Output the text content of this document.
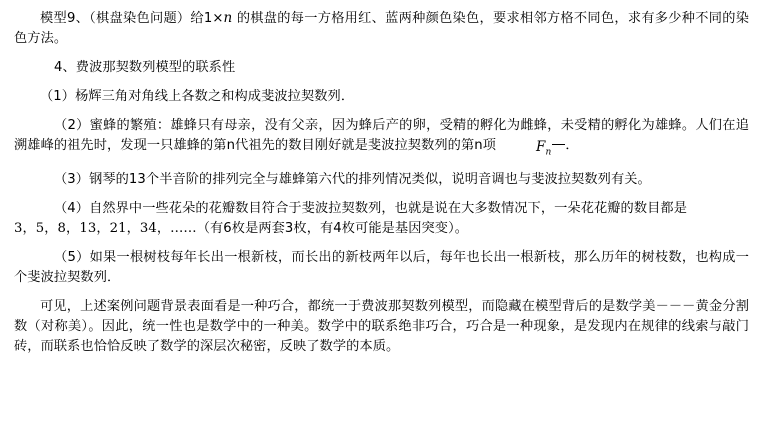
模型9、（棋盘染色问题）给1×n 的棋盘的每一方格用红、蓝两种颜色染色，要求相邻方格不同色，求有多少种不同的染色方法。

4、费波那契数列模型的联系性

（1）杨辉三角对角线上各数之和构成斐波拉契数列．

（2）蜜蜂的繁殖：雄蜂只有母亲，没有父亲，因为蜂后产的卵，受精的孵化为雌蜂，未受精的孵化为雄蜂。人们在追溯雄峰的祖先时，发现一只雄蜂的第n代祖先的数目刚好就是斐波拉契数列的第n项	$F_n$ ．

（3）钢琴的13个半音阶的排列完全与雄蜂第六代的排列情况类似，说明音调也与斐波拉契数列有关。

（4）自然界中一些花朵的花瓣数目符合于斐波拉契数列，也就是说在大多数情况下，一朵花花瓣的数目都是

3，5，8，13，21，34，……（有6枚是两套3枚，有4枚可能是基因突变）。

（5）如果一根树枝每年长出一根新枝，而长出的新枝两年以后，每年也长出一根新枝，那么历年的树枝数，也构成一个斐波拉契数列．

可见，上述案例问题背景表面看是一种巧合，都统一于费波那契数列模型，而隐藏在模型背后的是数学美－－－黄金分割数（对称美）。因此，统一性也是数学中的一种美。数学中的联系绝非巧合，巧合是一种现象，是发现内在规律的线索与敲门砖，而联系也恰恰反映了数学的深层次秘密，反映了数学的本质。
